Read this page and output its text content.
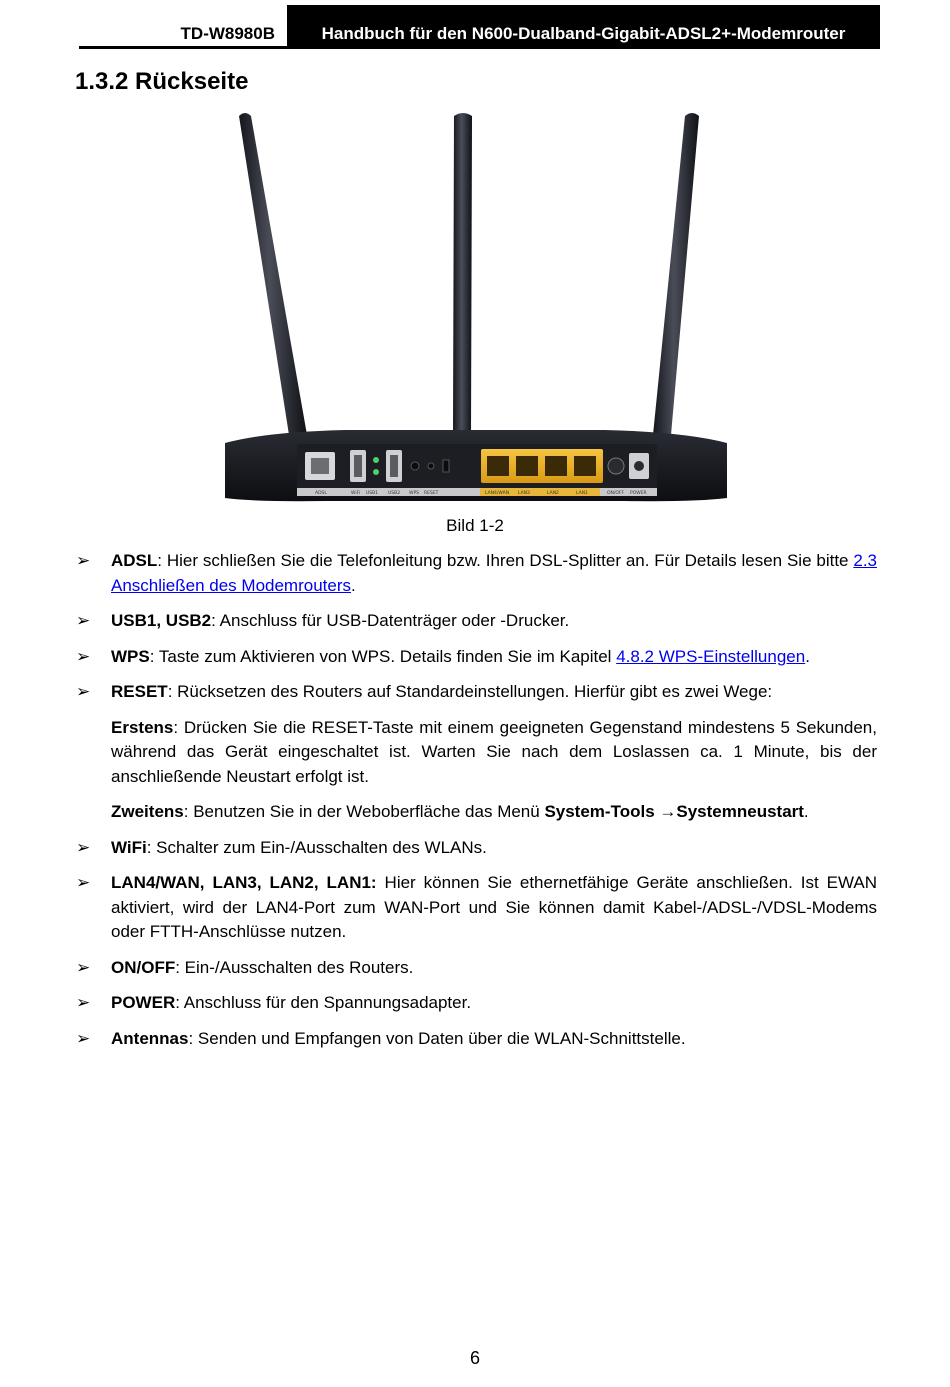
TD-W8980B	Handbuch für den N600-Dualband-Gigabit-ADSL2+-Modemrouter
1.3.2 Rückseite
ADSL	WiFi USB1 USB2 WPS RESET	LAN4/WAN LAN3	LAN2	LAN1	ON/OFF POWER
Bild 1-2
➢	ADSL: Hier schließen Sie die Telefonleitung bzw. Ihren DSL-Splitter an. Für Details lesen Sie bitte 2.3 Anschließen des Modemrouters.
➢	USB1, USB2: Anschluss für USB-Datenträger oder -Drucker.
➢	WPS: Taste zum Aktivieren von WPS. Details finden Sie im Kapitel 4.8.2 WPS-Einstellungen.
➢	RESET: Rücksetzen des Routers auf Standardeinstellungen. Hierfür gibt es zwei Wege:
Erstens: Drücken Sie die RESET-Taste mit einem geeigneten Gegenstand mindestens 5 Sekunden, während das Gerät eingeschaltet ist. Warten Sie nach dem Loslassen ca. 1 Minute, bis der anschließende Neustart erfolgt ist.
Zweitens: Benutzen Sie in der Weboberfläche das Menü System-Tools →Systemneustart.
➢	WiFi: Schalter zum Ein-/Ausschalten des WLANs.
➢	LAN4/WAN, LAN3, LAN2, LAN1: Hier können Sie ethernetfähige Geräte anschließen. Ist EWAN aktiviert, wird der LAN4-Port zum WAN-Port und Sie können damit Kabel-/ADSL-/VDSL-Modems oder FTTH-Anschlüsse nutzen.
➢	ON/OFF: Ein-/Ausschalten des Routers.
➢	POWER: Anschluss für den Spannungsadapter.
➢	Antennas: Senden und Empfangen von Daten über die WLAN-Schnittstelle.
6
